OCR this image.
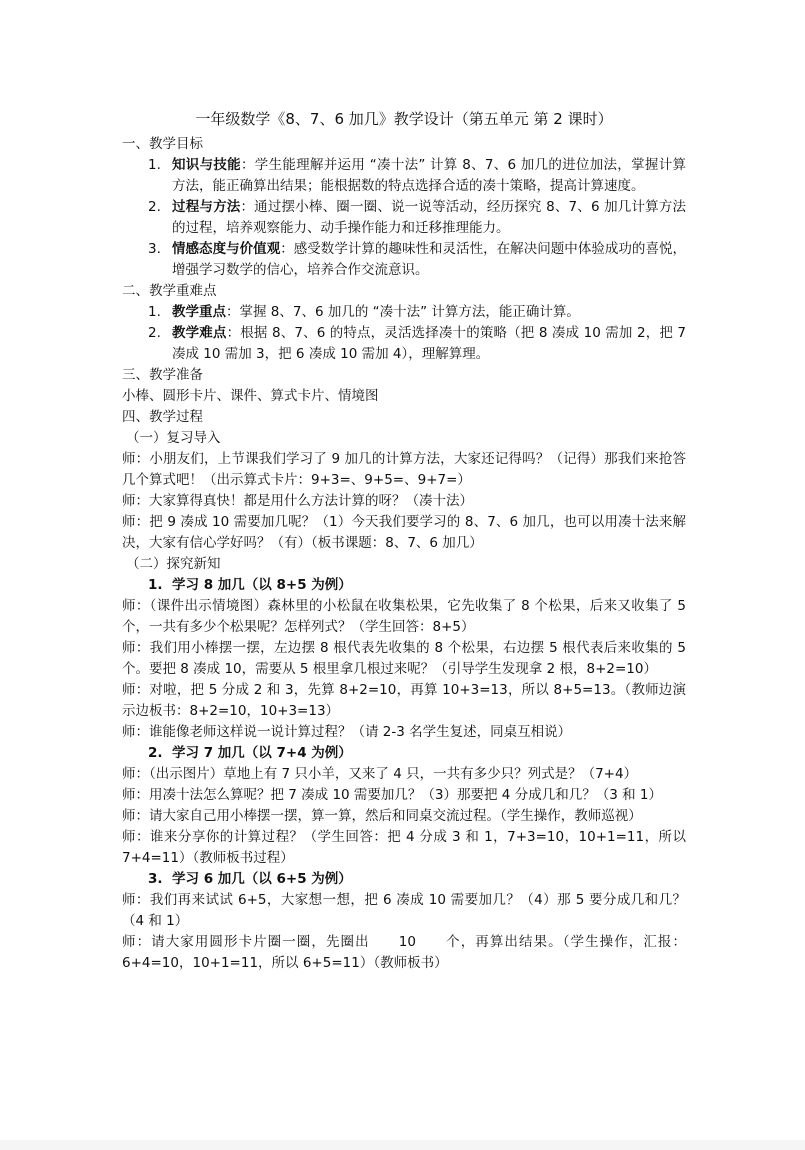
一年级数学《8、7、6 加几》教学设计（第五单元 第 2 课时）
一、教学目标
1. 知识与技能：学生能理解并运用 “凑十法” 计算 8、7、6 加几的进位加法，掌握计算方法，能正确算出结果；能根据数的特点选择合适的凑十策略，提高计算速度。
2. 过程与方法：通过摆小棒、圈一圈、说一说等活动，经历探究 8、7、6 加几计算方法的过程，培养观察能力、动手操作能力和迁移推理能力。
3. 情感态度与价值观：感受数学计算的趣味性和灵活性，在解决问题中体验成功的喜悦，增强学习数学的信心，培养合作交流意识。
二、教学重难点
1. 教学重点：掌握 8、7、6 加几的 “凑十法” 计算方法，能正确计算。
2. 教学难点：根据 8、7、6 的特点，灵活选择凑十的策略（把 8 凑成 10 需加 2，把 7 凑成 10 需加 3，把 6 凑成 10 需加 4），理解算理。
三、教学准备

小棒、圆形卡片、课件、算式卡片、情境图

四、教学过程
（一）复习导入

师：小朋友们，上节课我们学习了 9 加几的计算方法，大家还记得吗？（记得）那我们来抢答几个算式吧！（出示算式卡片：9+3=、9+5=、9+7=）

师：大家算得真快！都是用什么方法计算的呀？（凑十法）

师：把 9 凑成 10 需要加几呢？（1）今天我们要学习的 8、7、6 加几，也可以用凑十法来解决，大家有信心学好吗？（有）（板书课题：8、7、6 加几）

（二）探究新知
1. 学习 8 加几（以 8+5 为例）

师：（课件出示情境图）森林里的小松鼠在收集松果，它先收集了 8 个松果，后来又收集了 5 个，一共有多少个松果呢？怎样列式？（学生回答：8+5）

师：我们用小棒摆一摆，左边摆 8 根代表先收集的 8 个松果，右边摆 5 根代表后来收集的 5 个。要把 8 凑成 10，需要从 5 根里拿几根过来呢？（引导学生发现拿 2 根，8+2=10）

师：对啦，把 5 分成 2 和 3，先算 8+2=10，再算 10+3=13，所以 8+5=13。（教师边演示边板书：8+2=10，10+3=13）

师：谁能像老师这样说一说计算过程？（请 2-3 名学生复述，同桌互相说）

2. 学习 7 加几（以 7+4 为例）

师：（出示图片）草地上有 7 只小羊，又来了 4 只，一共有多少只？列式是？（7+4）

师：用凑十法怎么算呢？把 7 凑成 10 需要加几？（3）那要把 4 分成几和几？（3 和 1）

师：请大家自己用小棒摆一摆，算一算，然后和同桌交流过程。（学生操作，教师巡视）

师：谁来分享你的计算过程？（学生回答：把 4 分成 3 和 1，7+3=10，10+1=11，所以 7+4=11）（教师板书过程）

3. 学习 6 加几（以 6+5 为例）

师：我们再来试试 6+5，大家想一想，把 6 凑成 10 需要加几？（4）那 5 要分成几和几？（4 和 1）

师：请大家用圆形卡片圈一圈，先圈出　　10　　个，再算出结果。（学生操作，汇报：6+4=10，10+1=11，所以 6+5=11）（教师板书）
